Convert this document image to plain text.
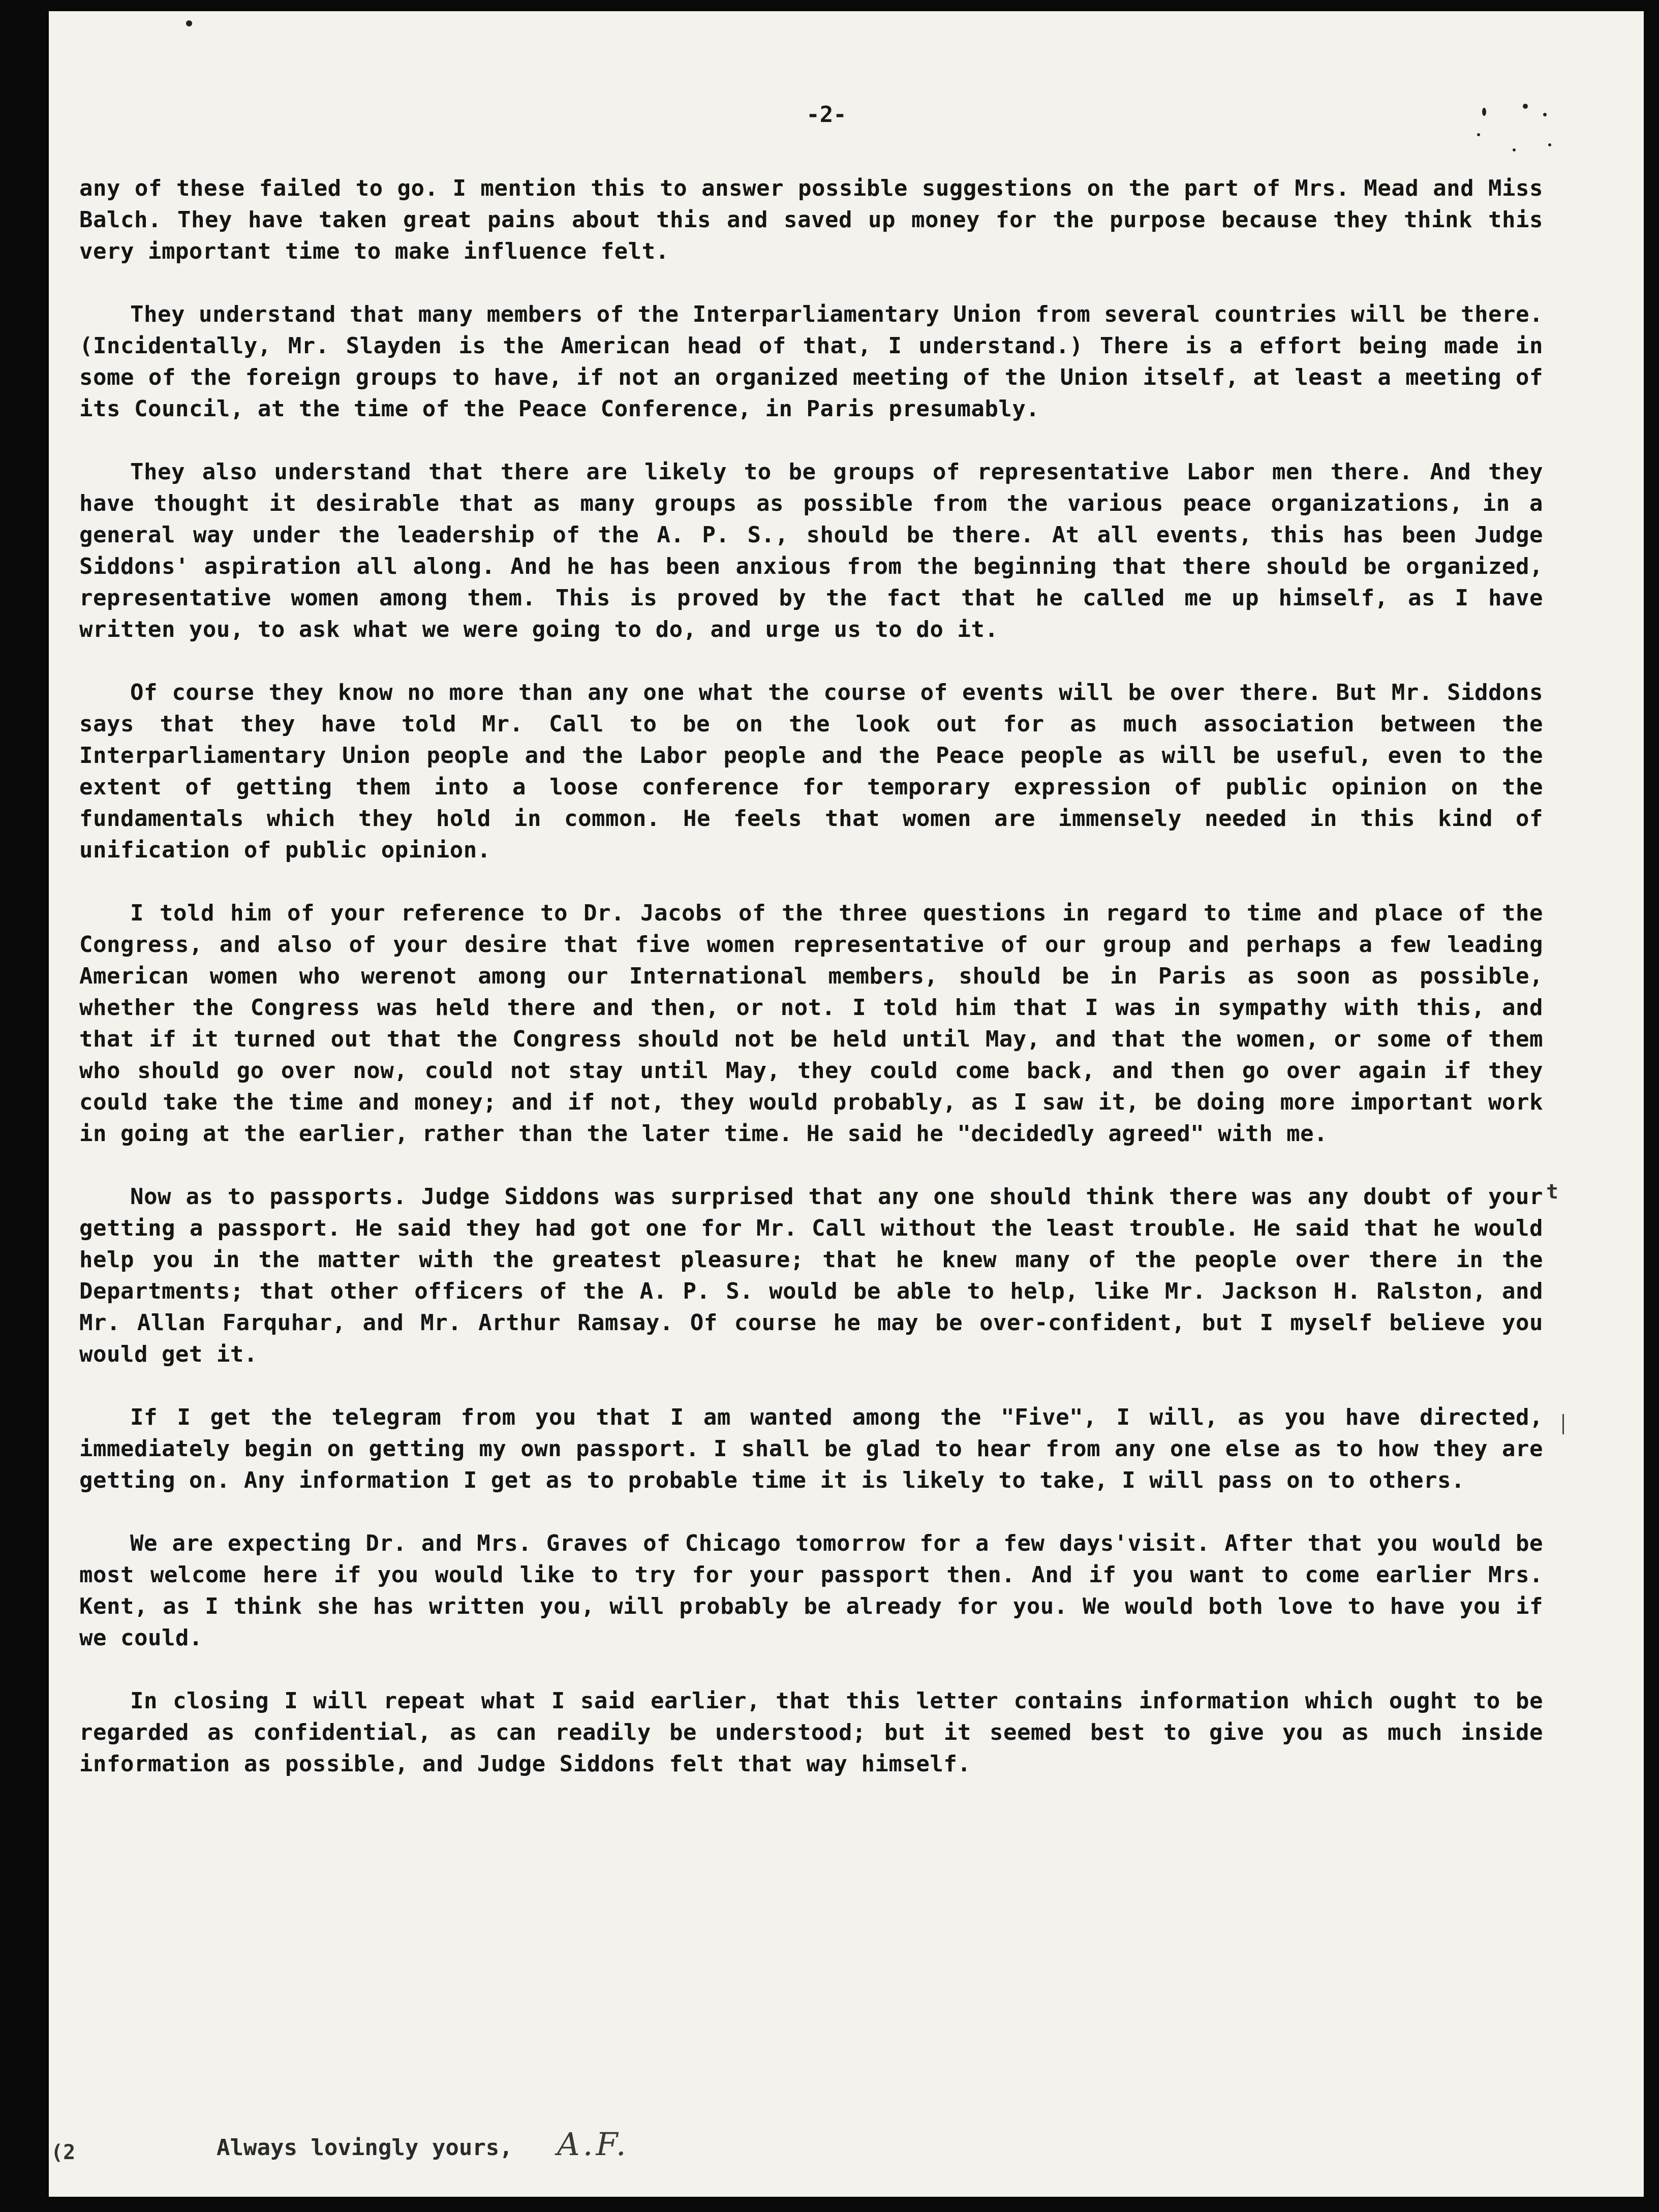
-2-

any of these failed to go. I mention this to answer possible suggestions on the part of Mrs. Mead and Miss Balch. They have taken great pains about this and saved up money for the purpose because they think this very important time to make influence felt.

They understand that many members of the Interparliamentary Union from several countries will be there. (Incidentally, Mr. Slayden is the American head of that, I understand.) There is a effort being made in some of the foreign groups to have, if not an organized meeting of the Union itself, at least a meeting of its Council, at the time of the Peace Conference, in Paris presumably.

They also understand that there are likely to be groups of representative Labor men there. And they have thought it desirable that as many groups as possible from the various peace organizations, in a general way under the leadership of the A. P. S., should be there. At all events, this has been Judge Siddons' aspiration all along. And he has been anxious from the beginning that there should be organized, representative women among them. This is proved by the fact that he called me up himself, as I have written you, to ask what we were going to do, and urge us to do it.

Of course they know no more than any one what the course of events will be over there. But Mr. Siddons says that they have told Mr. Call to be on the look out for as much association between the Interparliamentary Union people and the Labor people and the Peace people as will be useful, even to the extent of getting them into a loose conference for temporary expression of public opinion on the fundamentals which they hold in common. He feels that women are immensely needed in this kind of unification of public opinion.

I told him of your reference to Dr. Jacobs of the three questions in regard to time and place of the Congress, and also of your desire that five women representative of our group and perhaps a few leading American women who werenot among our International members, should be in Paris as soon as possible, whether the Congress was held there and then, or not. I told him that I was in sympathy with this, and that if it turned out that the Congress should not be held until May, and that the women, or some of them who should go over now, could not stay until May, they could come back, and then go over again if they could take the time and money; and if not, they would probably, as I saw it, be doing more important work in going at the earlier, rather than the later time. He said he "decidedly agreed" with me.

Now as to passports. Judge Siddons was surprised that any one should think there was any doubt of your getting a passport. He said they had got one for Mr. Call without the least trouble. He said that he would help you in the matter with the greatest pleasure; that he knew many of the people over there in the Departments; that other officers of the A. P. S. would be able to help, like Mr. Jackson H. Ralston, and Mr. Allan Farquhar, and Mr. Arthur Ramsay. Of course he may be over-confident, but I myself believe you would get it.

If I get the telegram from you that I am wanted among the "Five", I will, as you have directed, immediately begin on getting my own passport. I shall be glad to hear from any one else as to how they are getting on. Any information I get as to probable time it is likely to take, I will pass on to others.

We are expecting Dr. and Mrs. Graves of Chicago tomorrow for a few days'visit. After that you would be most welcome here if you would like to try for your passport then. And if you want to come earlier Mrs. Kent, as I think she has written you, will probably be already for you. We would both love to have you if we could.

In closing I will repeat what I said earlier, that this letter contains information which ought to be regarded as confidential, as can readily be understood; but it seemed best to give you as much inside information as possible, and Judge Siddons felt that way himself.

Always lovingly yours, A.F.
t
(2
